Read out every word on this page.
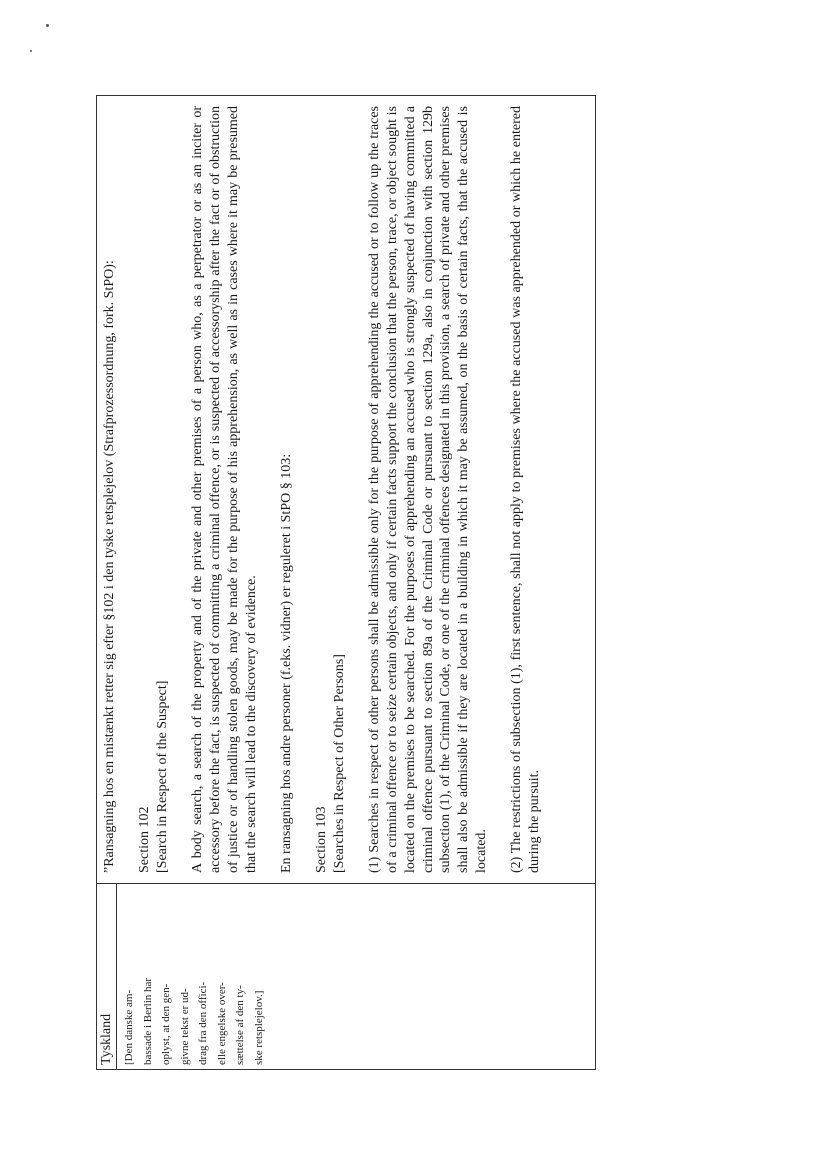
Tyskland [Den danske am-
bassade i Berlin har
oplyst, at den gen-
givne tekst er ud-
drag fra den offici-
elle engelske over-
sættelse af den ty-
ske retsplejelov.]

”Ransagning hos en mistænkt retter sig efter §102 i den tyske retsplejelov (Strafprozessordnung, fork. StPO): Section 102 [Search in Respect of the Suspect] A body search, a search of the property and of the private and other premises of a person who, as a perpetrator or as an inciter or accessory before the fact, is suspected of committing a criminal offence, or is suspected of accessoryship after the fact or of obstruction of justice or of handling stolen goods, may be made for the purpose of his apprehension, as well as in cases where it may be presumed that the search will lead to the discovery of evidence. En ransagning hos andre personer (f.eks. vidner) er reguleret i StPO § 103: Section 103 [Searches in Respect of Other Persons] (1) Searches in respect of other persons shall be admissible only for the purpose of apprehending the accused or to follow up the traces of a criminal offence or to seize certain objects, and only if certain facts support the conclusion that the person, trace, or object sought is located on the premises to be searched. For the purposes of apprehending an accused who is strongly suspected of having committed a criminal offence pursuant to section 89a of the Criminal Code or pursuant to section 129a, also in conjunction with section 129b subsection (1), of the Criminal Code, or one of the criminal offences designated in this provision, a search of private and other premises shall also be admissible if they are located in a building in which it may be assumed, on the basis of certain facts, that the accused is located. (2) The restrictions of subsection (1), first sentence, shall not apply to premises where the accused was apprehended or which he entered during the pursuit.
